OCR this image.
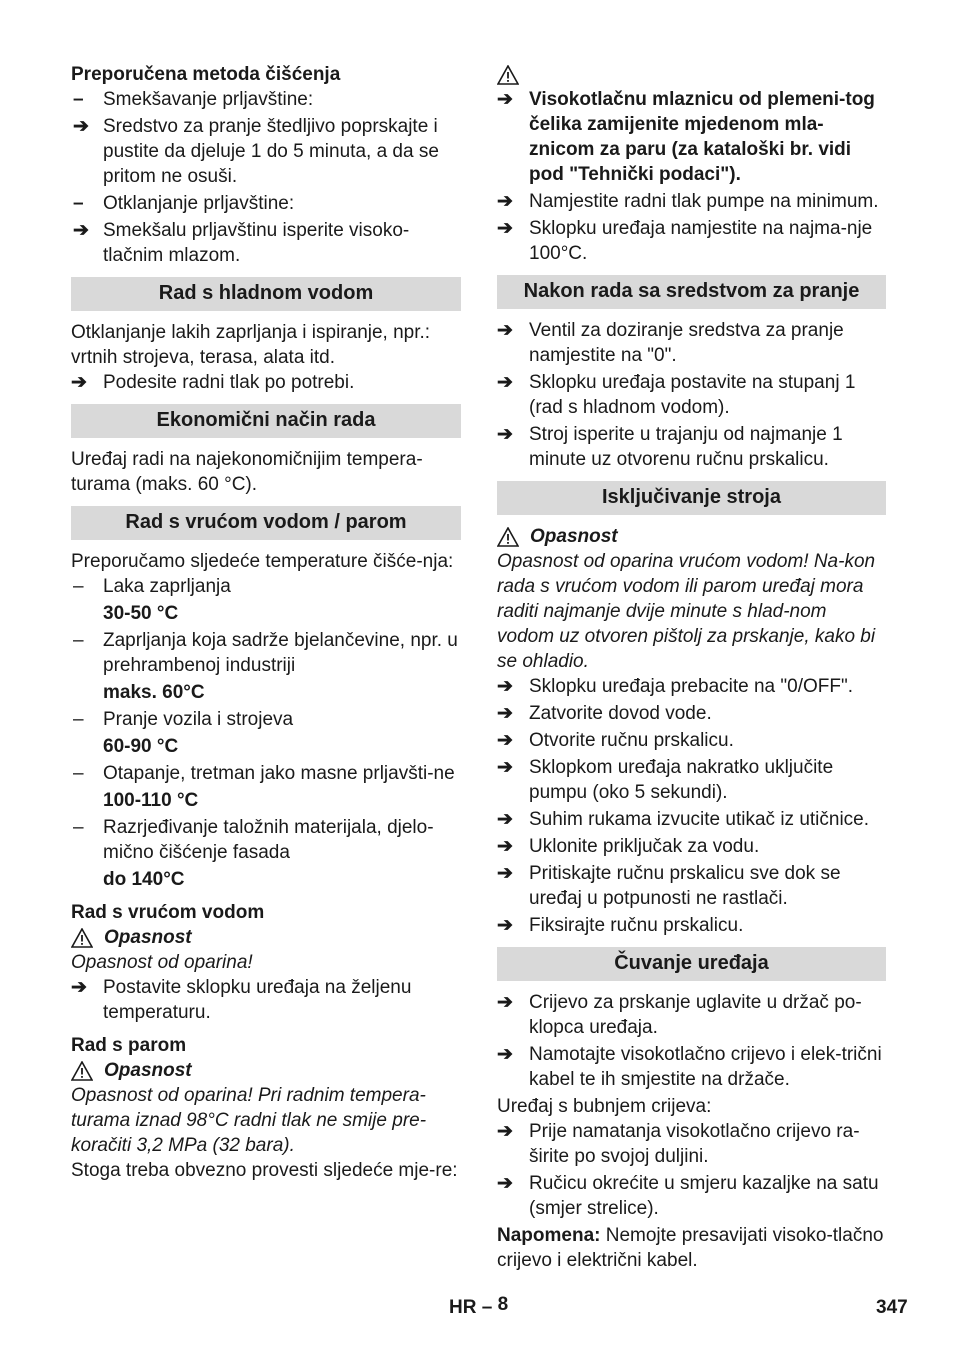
Preporučena metoda čišćenja
–	Smekšavanje prljavštine:
➔ Sredstvo za pranje štedljivo poprskajte i pustite da djeluje 1 do 5 minuta, a da se pritom ne osuši.
–	Otklanjanje prljavštine:
➔ Smekšalu prljavštinu isperite visoko-tlačnim mlazom.
Rad s hladnom vodom
Otklanjanje lakih zaprljanja i ispiranje, npr.: vrtnih strojeva, terasa, alata itd.
➔ Podesite radni tlak po potrebi.
Ekonomični način rada
Uređaj radi na najekonomičnijim tempera-turama (maks. 60 °C).
Rad s vrućom vodom / parom
Preporučamo sljedeće temperature čišće-nja:
–	Laka zaprljanja
30-50 °C
–	Zaprljanja koja sadrže bjelančevine, npr. u prehrambenoj industriji
maks. 60°C
–	Pranje vozila i strojeva
60-90 °C
–	Otapanje, tretman jako masne prljavšti-ne
100-110 °C
–	Razrjeđivanje taložnih materijala, djelo-mično čišćenje fasada
do 140°C
Rad s vrućom vodom
Opasnost
Opasnost od oparina!
➔ Postavite sklopku uređaja na željenu temperaturu.
Rad s parom
Opasnost
Opasnost od oparina! Pri radnim tempera-turama iznad 98°C radni tlak ne smije pre-koračiti 3,2 MPa (32 bara).
Stoga treba obvezno provesti sljedeće mje-re:
➔ Visokotlačnu mlaznicu od plemeni-tog čelika zamijenite mjedenom mla-znicom za paru (za kataloški br. vidi pod "Tehnički podaci").
➔ Namjestite radni tlak pumpe na minimum.
➔ Sklopku uređaja namjestite na najma-nje 100°C.
Nakon rada sa sredstvom za pranje
➔ Ventil za doziranje sredstva za pranje namjestite na "0".
➔ Sklopku uređaja postavite na stupanj 1 (rad s hladnom vodom).
➔ Stroj isperite u trajanju od najmanje 1 minute uz otvorenu ručnu prskalicu.
Isključivanje stroja
Opasnost
Opasnost od oparina vrućom vodom! Na-kon rada s vrućom vodom ili parom uređaj mora raditi najmanje dvije minute s hlad-nom vodom uz otvoren pištolj za prskanje, kako bi se ohladio.
➔ Sklopku uređaja prebacite na "0/OFF".
➔ Zatvorite dovod vode.
➔ Otvorite ručnu prskalicu.
➔ Sklopkom uređaja nakratko uključite pumpu (oko 5 sekundi).
➔ Suhim rukama izvucite utikač iz utičnice.
➔ Uklonite priključak za vodu.
➔ Pritiskajte ručnu prskalicu sve dok se uređaj u potpunosti ne rastlači.
➔ Fiksirajte ručnu prskalicu.
Čuvanje uređaja
➔ Crijevo za prskanje uglavite u držač po-klopca uređaja.
➔ Namotajte visokotlačno crijevo i elek-trični kabel te ih smjestite na držače.
Uređaj s bubnjem crijeva:
➔ Prije namatanja visokotlačno crijevo ra-širite po svojoj duljini.
➔ Ručicu okrećite u smjeru kazaljke na satu (smjer strelice).
Napomena: Nemojte presavijati visoko-tlačno crijevo i električni kabel.
HR – 8	347
